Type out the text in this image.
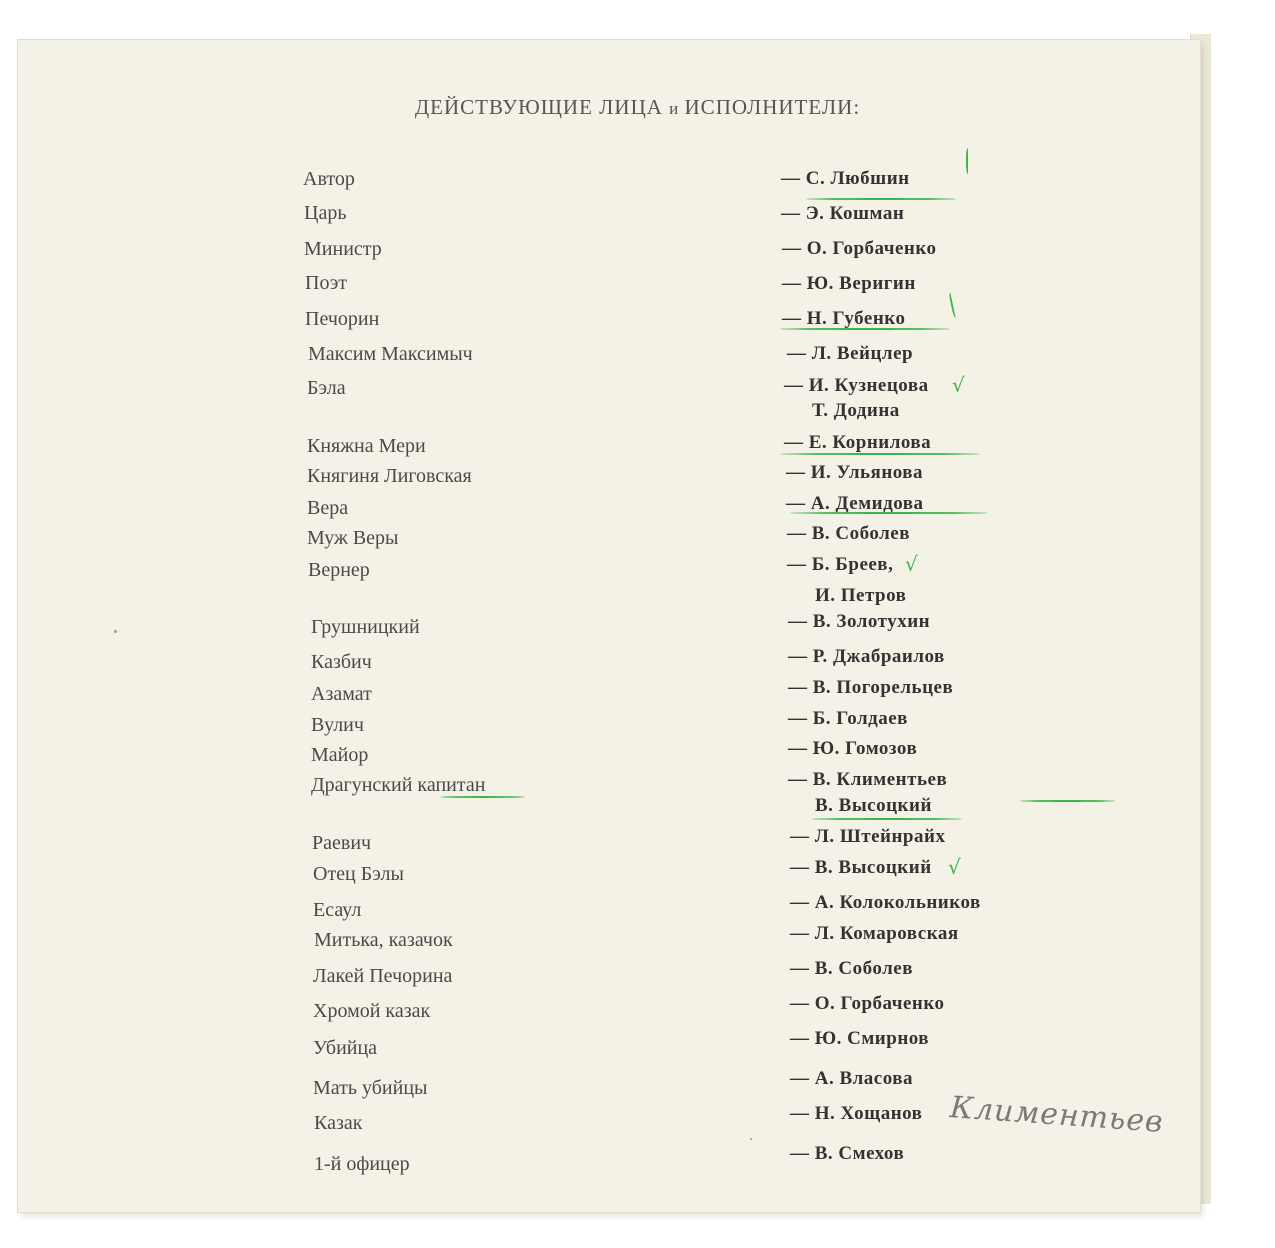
ДЕЙСТВУЮЩИЕ ЛИЦА и ИСПОЛНИТЕЛИ:
Автор
Царь
Министр
Поэт
Печорин
Максим Максимыч
Бэла
Княжна Мери
Княгиня Лиговская
Вера
Муж Веры
Вернер
Грушницкий
Казбич
Азамат
Вулич
Майор
Драгунский капитан
Раевич
Отец Бэлы
Есаул
Митька, казачок
Лакей Печорина
Хромой казак
Убийца
Мать убийцы
Казак
1-й офицер
— С. Любшин
— Э. Кошман
— О. Горбаченко
— Ю. Веригин
— Н. Губенко
— Л. Вейцлер
— И. Кузнецова
Т. Додина
— Е. Корнилова
— И. Ульянова
— А. Демидова
— В. Соболев
— Б. Бреев,
И. Петров
— В. Золотухин
— Р. Джабраилов
— В. Погорельцев
— Б. Голдаев
— Ю. Гомозов
— В. Климентьев
В. Высоцкий
— Л. Штейнрайх
— В. Высоцкий
— А. Колокольников
— Л. Комаровская
— В. Соболев
— О. Горбаченко
— Ю. Смирнов
— А. Власова
— Н. Хощанов
— В. Смехов
√
√
√
Климентьев
